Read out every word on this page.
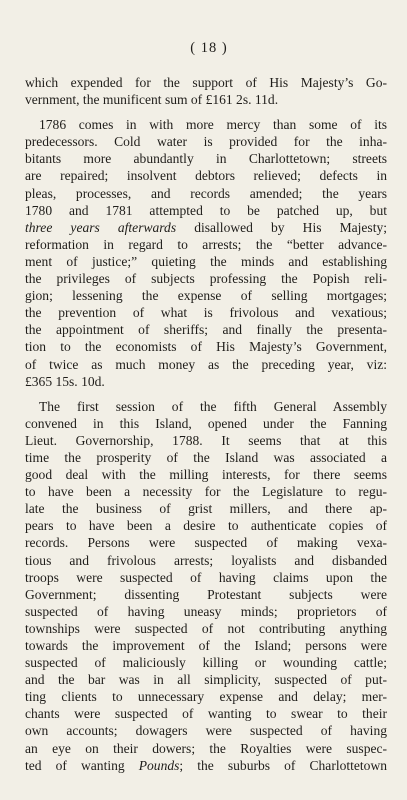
( 18 )

which expended for the support of His Majesty’s Go-
vernment, the munificent sum of £161 2s. 11d.

1786 comes in with more mercy than some of its
predecessors. Cold water is provided for the inha-
bitants more abundantly in Charlottetown; streets
are repaired; insolvent debtors relieved; defects in
pleas, processes, and records amended; the years
1780 and 1781 attempted to be patched up, but
three years afterwards disallowed by His Majesty;
reformation in regard to arrests; the “better advance-
ment of justice;” quieting the minds and establishing
the privileges of subjects professing the Popish reli-
gion; lessening the expense of selling mortgages;
the prevention of what is frivolous and vexatious;
the appointment of sheriffs; and finally the presenta-
tion to the economists of His Majesty’s Government,
of twice as much money as the preceding year, viz:
£365 15s. 10d.

The first session of the fifth General Assembly
convened in this Island, opened under the Fanning
Lieut. Governorship, 1788. It seems that at this
time the prosperity of the Island was associated a
good deal with the milling interests, for there seems
to have been a necessity for the Legislature to regu-
late the business of grist millers, and there ap-
pears to have been a desire to authenticate copies of
records. Persons were suspected of making vexa-
tious and frivolous arrests; loyalists and disbanded
troops were suspected of having claims upon the
Government; dissenting Protestant subjects were
suspected of having uneasy minds; proprietors of
townships were suspected of not contributing anything
towards the improvement of the Island; persons were
suspected of maliciously killing or wounding cattle;
and the bar was in all simplicity, suspected of put-
ting clients to unnecessary expense and delay; mer-
chants were suspected of wanting to swear to their
own accounts; dowagers were suspected of having
an eye on their dowers; the Royalties were suspec-
ted of wanting Pounds; the suburbs of Charlottetown
